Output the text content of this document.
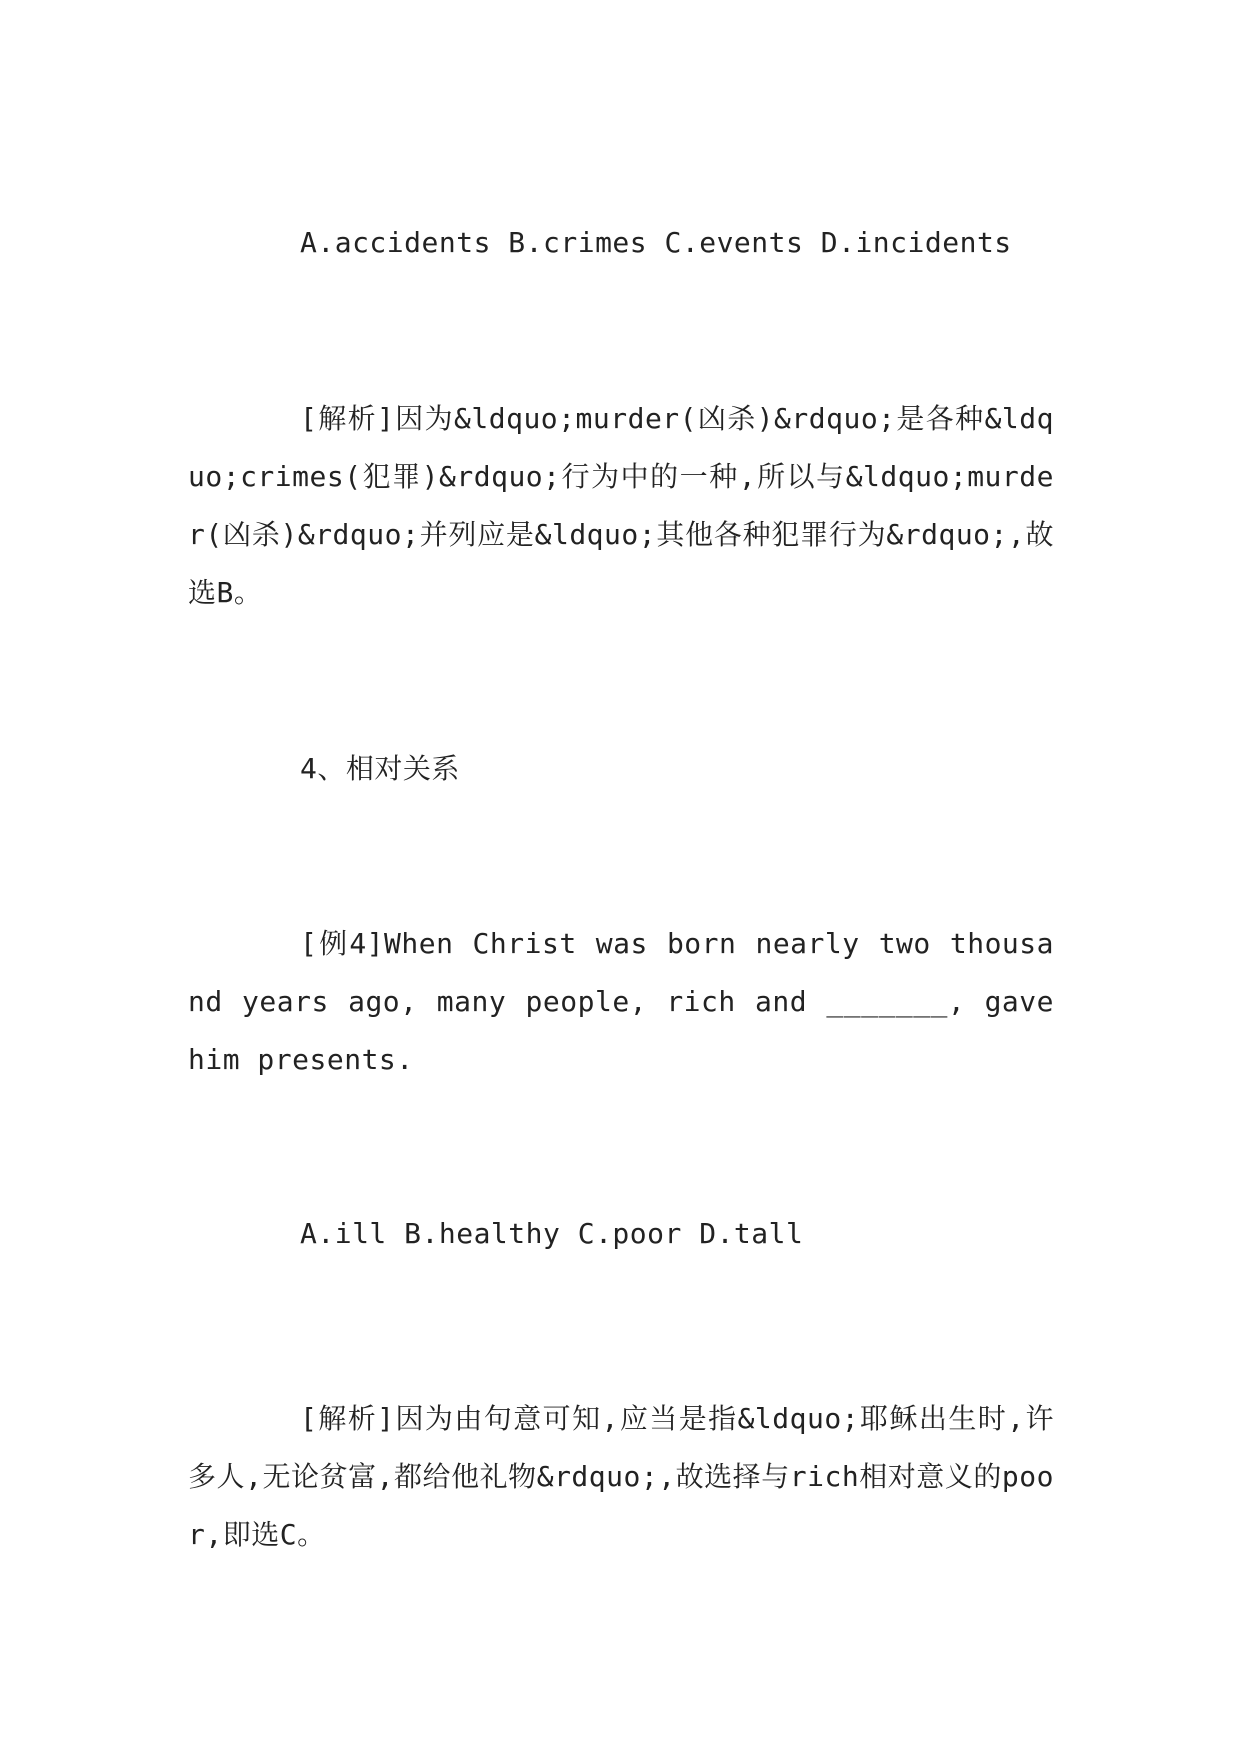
A.accidents B.crimes C.events D.incidents

[解析]因为&ldquo;murder(凶杀)&rdquo;是各种&ldquo;crimes(犯罪)&rdquo;行为中的一种,所以与&ldquo;murder(凶杀)&rdquo;并列应是&ldquo;其他各种犯罪行为&rdquo;,故选B。

4、相对关系

[例4]When Christ was born nearly two thousand years ago, many people, rich and _______, gave him presents.

A.ill B.healthy C.poor D.tall

[解析]因为由句意可知,应当是指&ldquo;耶稣出生时,许多人,无论贫富,都给他礼物&rdquo;,故选择与rich相对意义的poor,即选C。
